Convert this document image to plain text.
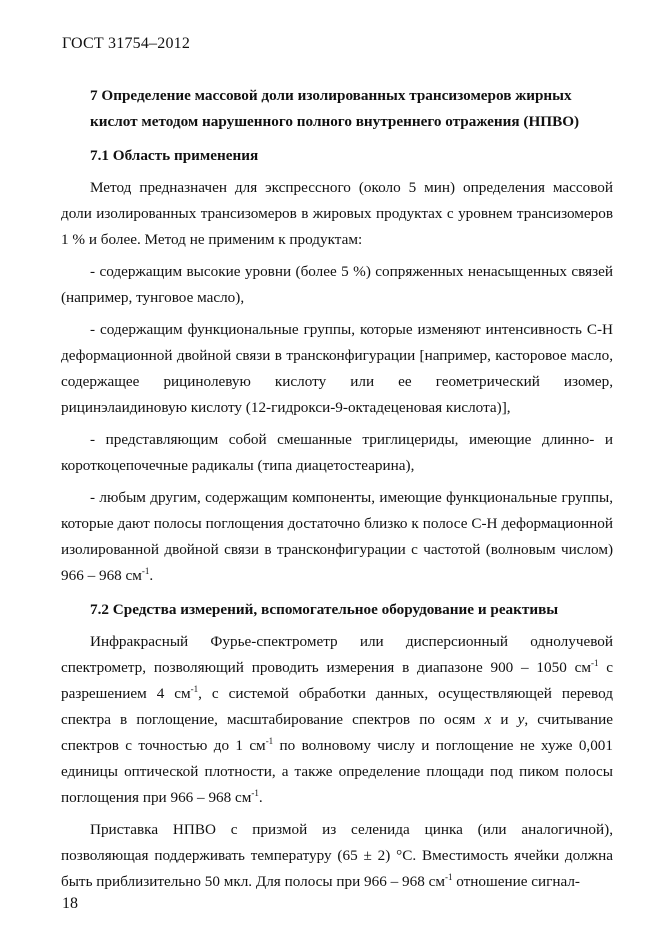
ГОСТ 31754–2012
7 Определение массовой доли изолированных трансизомеров жирных кислот методом нарушенного полного внутреннего отражения (НПВО)
7.1 Область применения

Метод предназначен для экспрессного (около 5 мин) определения массовой доли изолированных трансизомеров в жировых продуктах с уровнем трансизомеров 1 % и более. Метод не применим к продуктам:

- содержащим высокие уровни (более 5 %) сопряженных ненасыщенных связей (например, тунговое масло),

- содержащим функциональные группы, которые изменяют интенсивность С-Н деформационной двойной связи в трансконфигурации [например, касторовое масло, содержащее рицинолевую кислоту или ее геометрический изомер, рицинэлаидиновую кислоту (12-гидрокси-9-октадеценовая кислота)],

- представляющим собой смешанные триглицериды, имеющие длинно- и короткоцепочечные радикалы (типа диацетостеарина),

- любым другим, содержащим компоненты, имеющие функциональные группы, которые дают полосы поглощения достаточно близко к полосе С-Н деформационной изолированной двойной связи в трансконфигурации с частотой (волновым числом) 966 – 968 $см^{-1}$.

7.2 Средства измерений, вспомогательное оборудование и реактивы

Инфракрасный Фурье-спектрометр или дисперсионный однолучевой спектрометр, позволяющий проводить измерения в диапазоне 900 – 1050 $см^{-1}$ с разрешением 4 $см^{-1}$, с системой обработки данных, осуществляющей перевод спектра в поглощение, масштабирование спектров по осям x и y, считывание спектров с точностью до 1 $см^{-1}$ по волновому числу и поглощение не хуже 0,001 единицы оптической плотности, а также определение площади под пиком полосы поглощения при 966 – 968 $см^{-1}$.

Приставка НПВО с призмой из селенида цинка (или аналогичной), позволяющая поддерживать температуру (65 ± 2) °С. Вместимость ячейки должна быть приблизительно 50 мкл. Для полосы при 966 – 968 $см^{-1}$ отношение сигнал-

18
